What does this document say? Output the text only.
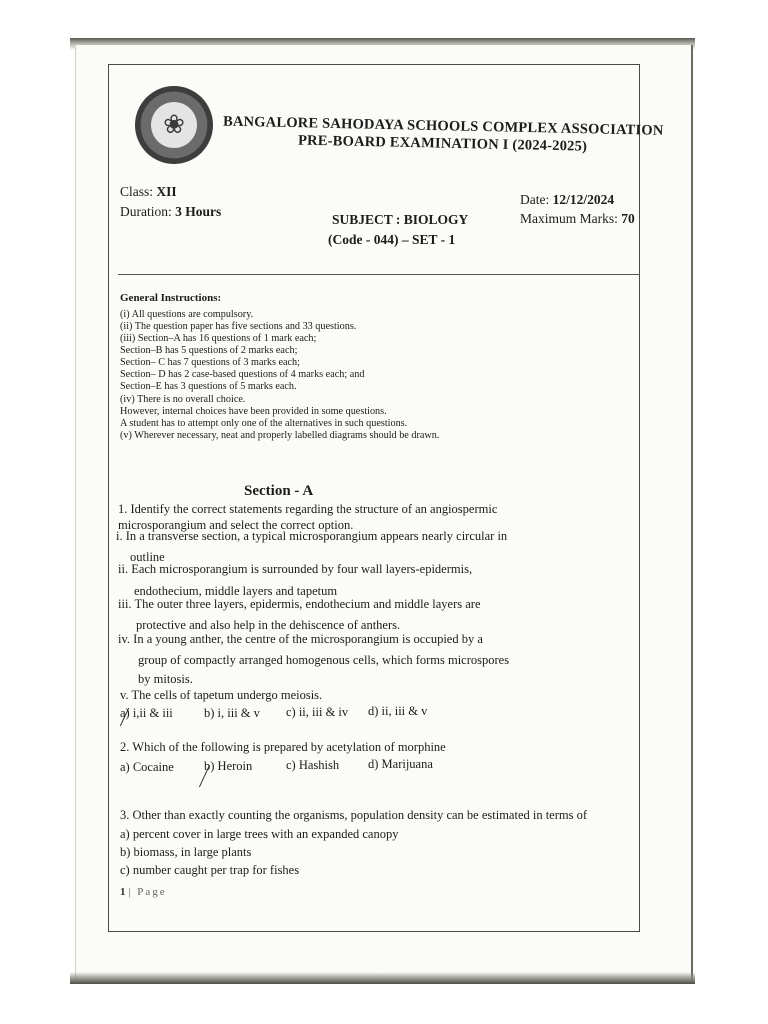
❀	BANGALORE SAHODAYA SCHOOLS COMPLEX ASSOCIATION
PRE-BOARD EXAMINATION I (2024-2025)
Class: XII
Duration: 3 Hours
SUBJECT : BIOLOGY
(Code - 044) – SET - 1
Date: 12/12/2024
Maximum Marks: 70
General Instructions:
(i) All questions are compulsory.
(ii) The question paper has five sections and 33 questions.
(iii) Section–A has 16 questions of 1 mark each;
Section–B has 5 questions of 2 marks each;
Section– C has 7 questions of 3 marks each;
Section– D has 2 case-based questions of 4 marks each; and
Section–E has 3 questions of 5 marks each.
(iv) There is no overall choice.
However, internal choices have been provided in some questions.
A student has to attempt only one of the alternatives in such questions.
(v) Wherever necessary, neat and properly labelled diagrams should be drawn.
Section - A
1. Identify the correct statements regarding the structure of an angiospermic
microsporangium and select the correct option.
i. In a transverse section, a typical microsporangium appears nearly circular in
outline
ii. Each microsporangium is surrounded by four wall layers-epidermis,
endothecium, middle layers and tapetum
iii. The outer three layers, epidermis, endothecium and middle layers are
protective and also help in the dehiscence of anthers.
iv. In a young anther, the centre of the microsporangium is occupied by a
group of compactly arranged homogenous cells, which forms microspores
by mitosis.
v. The cells of tapetum undergo meiosis.
a) i,ii & iii b) i, iii & v c) ii, iii & iv d) ii, iii & v
2. Which of the following is prepared by acetylation of morphine
a) Cocaine b) Heroin	c) Hashish d) Marijuana
3. Other than exactly counting the organisms, population density can be estimated in terms of
a) percent cover in large trees with an expanded canopy
b) biomass, in large plants
c) number caught per trap for fishes
1 | Page
